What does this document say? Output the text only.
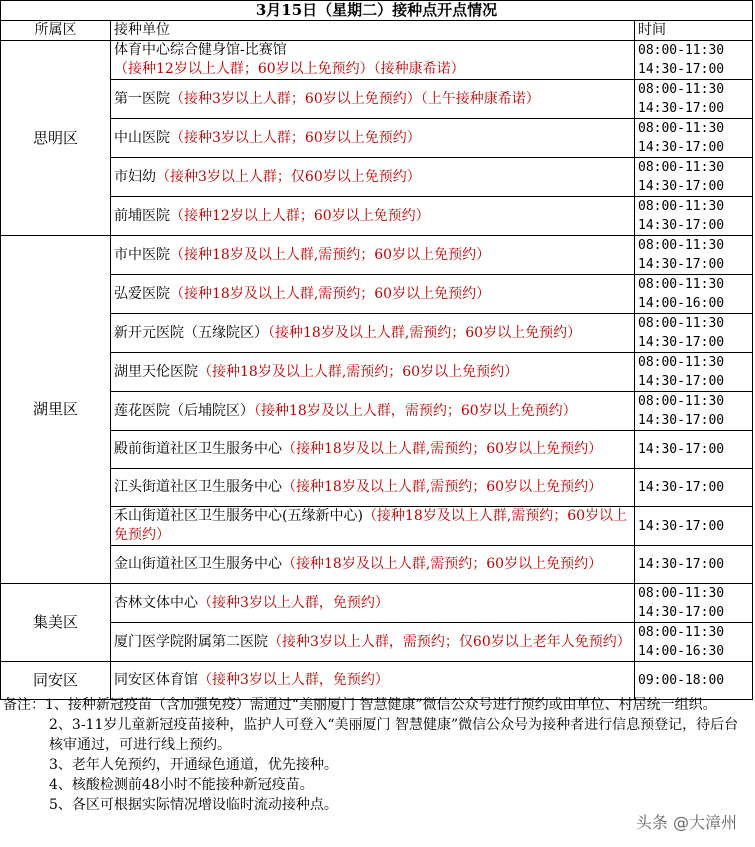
3月15日（星期二）接种点开点情况		
所属区	接种单位	时间
思明区	体育中心综合健身馆-比赛馆（接种12岁以上人群；60岁以上免预约）（接种康希诺）	08:00-11:30
14:30-17:00

	第一医院（接种3岁以上人群；60岁以上免预约）（上午接种康希诺）	08:00-11:30
14:30-17:00

	中山医院（接种3岁以上人群；60岁以上免预约）	08:00-11:30
14:30-17:00

	市妇幼（接种3岁以上人群；仅60岁以上免预约）	08:00-11:30
14:30-17:00

	前埔医院（接种12岁以上人群；60岁以上免预约）	08:00-11:30
14:30-17:00

湖里区	市中医院（接种18岁及以上人群,需预约；60岁以上免预约）	08:00-11:30
14:30-17:00

	弘爱医院（接种18岁及以上人群,需预约；60岁以上免预约）	08:00-11:30
14:00-16:00

	新开元医院（五缘院区）（接种18岁及以上人群,需预约；60岁以上免预约）	08:00-11:30
14:30-17:00

	湖里天伦医院（接种18岁及以上人群,需预约；60岁以上免预约）	08:00-11:30
14:30-17:00

	莲花医院（后埔院区）（接种18岁及以上人群，需预约；60岁以上免预约）	08:00-11:30
14:30-17:00

	殿前街道社区卫生服务中心（接种18岁及以上人群,需预约；60岁以上免预约）	14:30-17:00

	江头街道社区卫生服务中心（接种18岁及以上人群,需预约；60岁以上免预约）	14:30-17:00

	禾山街道社区卫生服务中心(五缘新中心)（接种18岁及以上人群,需预约；60岁以上免预约）	14:30-17:00

	金山街道社区卫生服务中心（接种18岁及以上人群,需预约；60岁以上免预约）	14:30-17:00

集美区	杏林文体中心（接种3岁以上人群，免预约）	08:00-11:30
14:30-17:00

	厦门医学院附属第二医院（接种3岁以上人群，需预约；仅60岁以上老年人免预约）	08:00-11:30
14:00-16:30

同安区	同安区体育馆（接种3岁以上人群，免预约）	09:00-18:00

备注：1、接种新冠疫苗（含加强免疫）需通过“美丽厦门 智慧健康”微信公众号进行预约或由单位、村居统一组织。

2、3-11岁儿童新冠疫苗接种，监护人可登入“美丽厦门 智慧健康”微信公众号为接种者进行信息预登记，待后台核审通过，可进行线上预约。

3、老年人免预约，开通绿色通道，优先接种。

4、核酸检测前48小时不能接种新冠疫苗。

5、各区可根据实际情况增设临时流动接种点。

头条 @大漳州
